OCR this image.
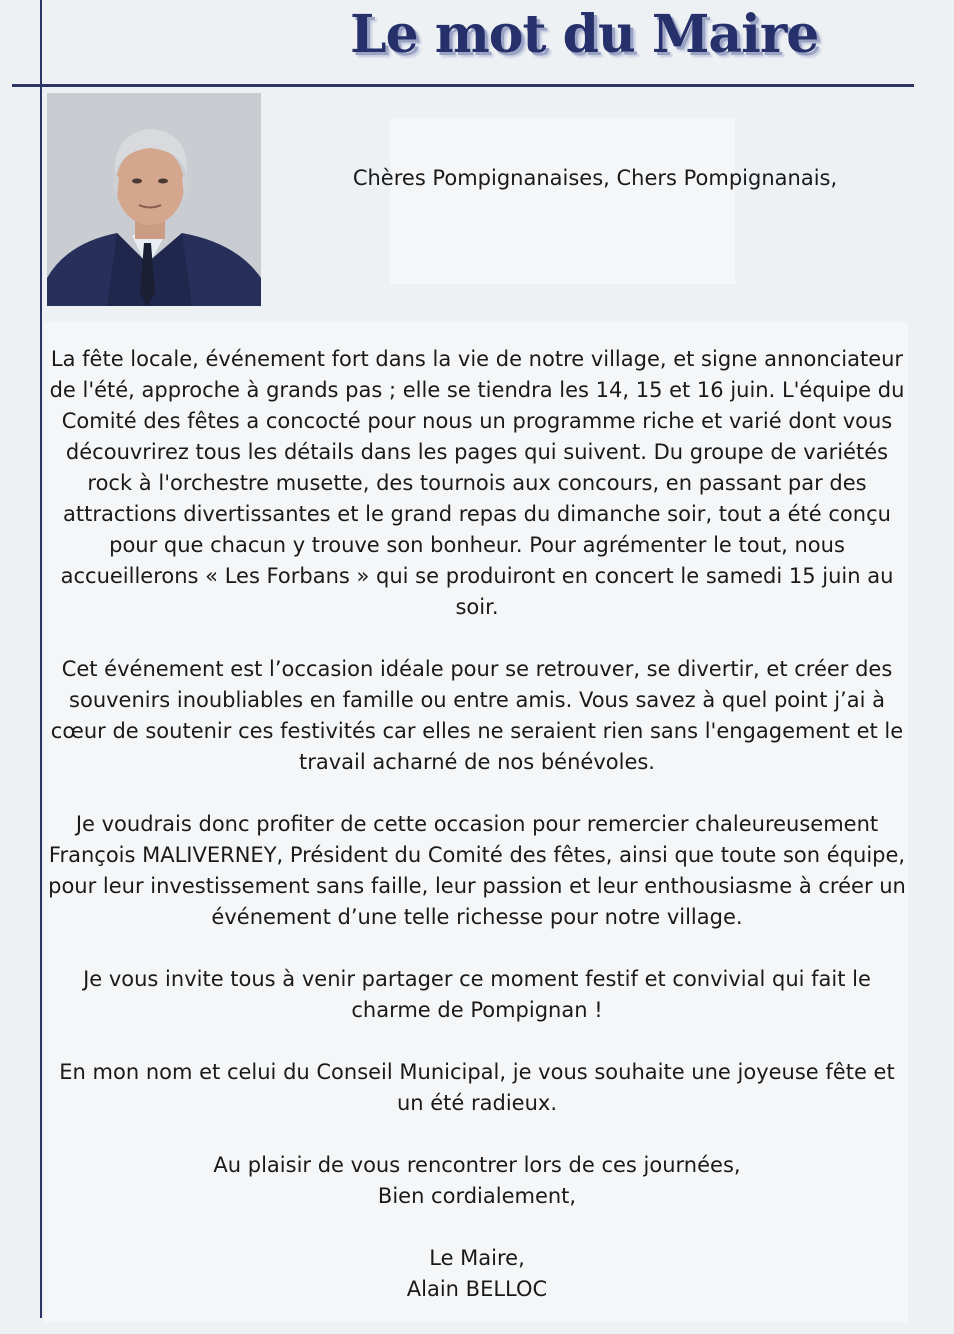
Le mot du Maire
Chères Pompignanaises, Chers Pompignanais,

La fête locale, événement fort dans la vie de notre village, et signe annonciateur de l'été, approche à grands pas ; elle se tiendra les 14, 15 et 16 juin. L'équipe du Comité des fêtes a concocté pour nous un programme riche et varié dont vous découvrirez tous les détails dans les pages qui suivent. Du groupe de variétés rock à l'orchestre musette, des tournois aux concours, en passant par des attractions divertissantes et le grand repas du dimanche soir, tout a été conçu pour que chacun y trouve son bonheur. Pour agrémenter le tout, nous accueillerons « Les Forbans » qui se produiront en concert le samedi 15 juin au soir.

Cet événement est l’occasion idéale pour se retrouver, se divertir, et créer des souvenirs inoubliables en famille ou entre amis. Vous savez à quel point j’ai à cœur de soutenir ces festivités car elles ne seraient rien sans l'engagement et le travail acharné de nos bénévoles.

Je voudrais donc profiter de cette occasion pour remercier chaleureusement François MALIVERNEY, Président du Comité des fêtes, ainsi que toute son équipe, pour leur investissement sans faille, leur passion et leur enthousiasme à créer un événement d’une telle richesse pour notre village.

Je vous invite tous à venir partager ce moment festif et convivial qui fait le charme de Pompignan !

En mon nom et celui du Conseil Municipal, je vous souhaite une joyeuse fête et un été radieux.

Au plaisir de vous rencontrer lors de ces journées,
Bien cordialement,

Le Maire,
Alain BELLOC
